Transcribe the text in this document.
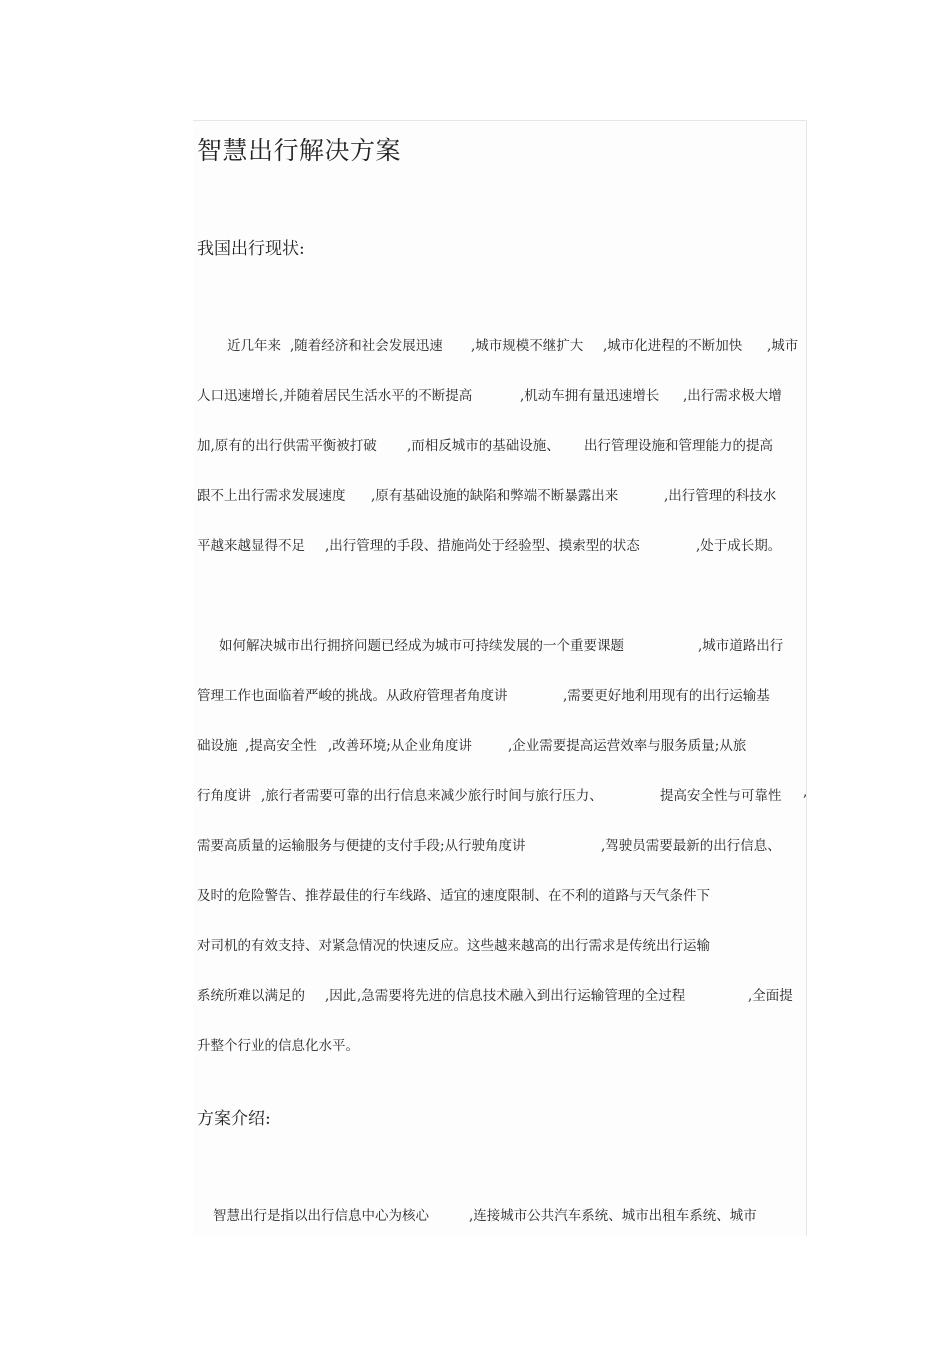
智慧出行解决方案
我国出行现状:
方案介绍:
近几年来 ,随着经济和社会发展迅速 ,城市规模不继扩大 ,城市化进程的不断加快 ,城市
人口迅速增长 ,并随着居民生活水平的不断提高	,机动车拥有量迅速增长 ,出行需求极大增
加,原有的出行供需平衡被打破 ,而相反城市的基础设施、 出行管理设施和管理能力的提高
跟不上出行需求发展速度 ,原有基础设施的缺陷和弊端不断暴露出来	,出行管理的科技水
平越来越显得不足 ,出行管理的手段、措施尚处于经验型、摸索型的状态	,处于成长期。
如何解决城市出行拥挤问题已经成为城市可持续发展的一个重要课题	,城市道路出行
管理工作也面临着严峻的挑战。从政府管理者角度讲	,需要更好地利用现有的出行运输基
础设施 ,提高安全性 ,改善环境;从企业角度讲	,企业需要提高运营效率与服务质量;从旅
行角度讲 ,旅行者需要可靠的出行信息来减少旅行时间与旅行压力、	提高安全性与可靠性 ,
需要高质量的运输服务与便捷的支付手段;从行驶角度讲	,驾驶员需要最新的出行信息、
及时的危险警告、推荐最佳的行车线路、适宜的速度限制、在不利的道路与天气条件下
对司机的有效支持、对紧急情况的快速反应。这些越来越高的出行需求是传统出行运输
系统所难以满足的 ,因此 ,急需要将先进的信息技术融入到出行运输管理的全过程	,全面提
升整个行业的信息化水平。
智慧出行是指以出行信息中心为核心	,连接城市公共汽车系统、城市出租车系统、城市
